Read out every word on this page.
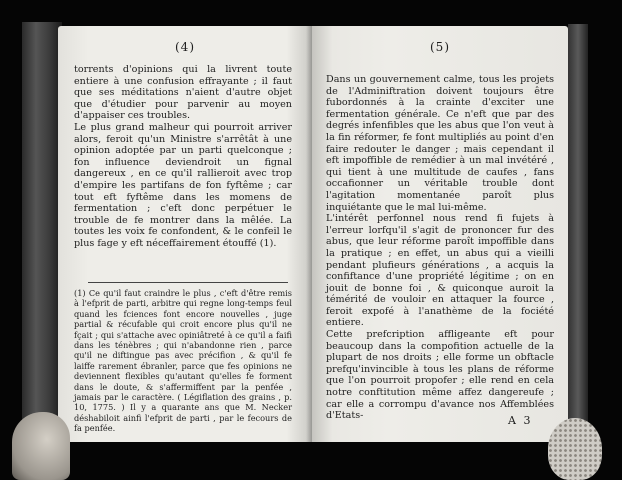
(4)
torrents d'opinions qui la livrent toute entiere à une confusion effrayante ; il faut que ses méditations n'aient d'autre objet que d'étudier pour parvenir au moyen d'appaiser ces troubles.
Le plus grand malheur qui pourroit arriver alors, feroit qu'un Ministre s'arrêtât à une opinion adoptée par un parti quelconque ; fon influence deviendroit un fignal dangereux , en ce qu'il rallieroit avec trop d'empire les partifans de fon fyftême ; car tout eft fyftême dans les momens de fermentation ; c'eft donc perpétuer le trouble de fe montrer dans la mêlée. La toutes les voix fe confondent, & le confeil le plus fage y eft néceffairement étouffé (1).
(1) Ce qu'il faut craindre le plus , c'eft d'être remis à l'efprit de parti, arbitre qui regne long-temps feul quand les fciences font encore nouvelles , juge partial & récufable qui croit encore plus qu'il ne fçait ; qui s'attache avec opiniâtreté à ce qu'il a faifi dans les ténèbres ; qui n'abandonne rien , parce qu'il ne diftingue pas avec précifion , & qu'il fe laiffe rarement ébranler, parce que fes opinions ne deviennent flexibles qu'autant qu'elles fe forment dans le doute, & s'affermiffent par la penfée , jamais par le caractère. ( Légiflation des grains , p. 10, 1775. ) Il y a quarante ans que M. Necker déshabiloit ainfi l'efprit de parti , par le fecours de fa penfée.
(5)
Dans un gouvernement calme, tous les projets de l'Adminiftration doivent toujours être fubordonnés à la crainte d'exciter une fermentation générale. Ce n'eft que par des degrés infenfibles que les abus que l'on veut à la fin réformer, fe font multipliés au point d'en faire redouter le danger ; mais cependant il eft impoffible de remédier à un mal invétéré , qui tient à une multitude de caufes , fans occafionner un véritable trouble dont l'agitation momentanée paroît plus inquiétante que le mal lui-même.
L'intérêt perfonnel nous rend fi fujets à l'erreur lorfqu'il s'agit de prononcer fur des abus, que leur réforme paroît impoffible dans la pratique ; en effet, un abus qui a vieilli pendant plufieurs générations , a acquis la confiftance d'une propriété légitime ; on en jouit de bonne foi , & quiconque auroit la témérité de vouloir en attaquer la fource , feroit expofé à l'anathème de la fociété entiere.
Cette prefcription affligeante eft pour beaucoup dans la compofition actuelle de la plupart de nos droits ; elle forme un obftacle prefqu'invincible à tous les plans de réforme que l'on pourroit propofer ; elle rend en cela notre conftitution même affez dangereufe ; car elle a corrompu d'avance nos Affemblées d'Etats-	A 3
